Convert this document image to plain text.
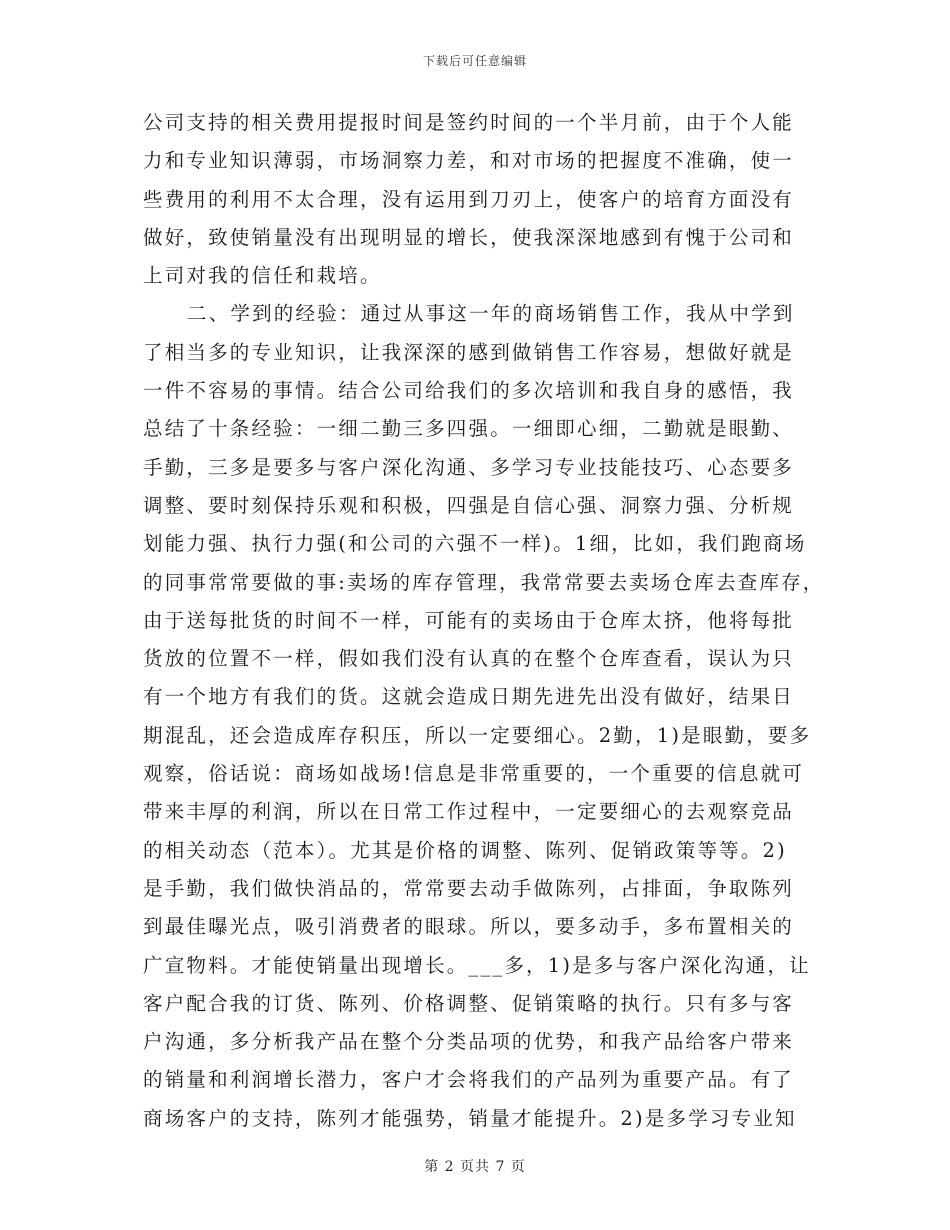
下载后可任意编辑
公司支持的相关费用提报时间是签约时间的一个半月前，由于个人能
力和专业知识薄弱，市场洞察力差，和对市场的把握度不准确，使一
些费用的利用不太合理，没有运用到刀刃上，使客户的培育方面没有
做好，致使销量没有出现明显的增长，使我深深地感到有愧于公司和
上司对我的信任和栽培。
二、学到的经验：通过从事这一年的商场销售工作，我从中学到
了相当多的专业知识，让我深深的感到做销售工作容易，想做好就是
一件不容易的事情。结合公司给我们的多次培训和我自身的感悟，我
总结了十条经验：一细二勤三多四强。一细即心细，二勤就是眼勤、
手勤，三多是要多与客户深化沟通、多学习专业技能技巧、心态要多
调整、要时刻保持乐观和积极，四强是自信心强、洞察力强、分析规
划能力强、执行力强(和公司的六强不一样)。1细，比如，我们跑商场
的同事常常要做的事:卖场的库存管理，我常常要去卖场仓库去查库存，
由于送每批货的时间不一样，可能有的卖场由于仓库太挤，他将每批
货放的位置不一样，假如我们没有认真的在整个仓库查看，误认为只
有一个地方有我们的货。这就会造成日期先进先出没有做好，结果日
期混乱，还会造成库存积压，所以一定要细心。2勤，1)是眼勤，要多
观察，俗话说：商场如战场!信息是非常重要的，一个重要的信息就可
带来丰厚的利润，所以在日常工作过程中，一定要细心的去观察竞品
的相关动态（范本）。尤其是价格的调整、陈列、促销政策等等。2)
是手勤，我们做快消品的，常常要去动手做陈列，占排面，争取陈列
到最佳曝光点，吸引消费者的眼球。所以，要多动手，多布置相关的
广宣物料。才能使销量出现增长。___多，1)是多与客户深化沟通，让
客户配合我的订货、陈列、价格调整、促销策略的执行。只有多与客
户沟通，多分析我产品在整个分类品项的优势，和我产品给客户带来
的销量和利润增长潜力，客户才会将我们的产品列为重要产品。有了
商场客户的支持，陈列才能强势，销量才能提升。2)是多学习专业知
第 2 页共 7 页
